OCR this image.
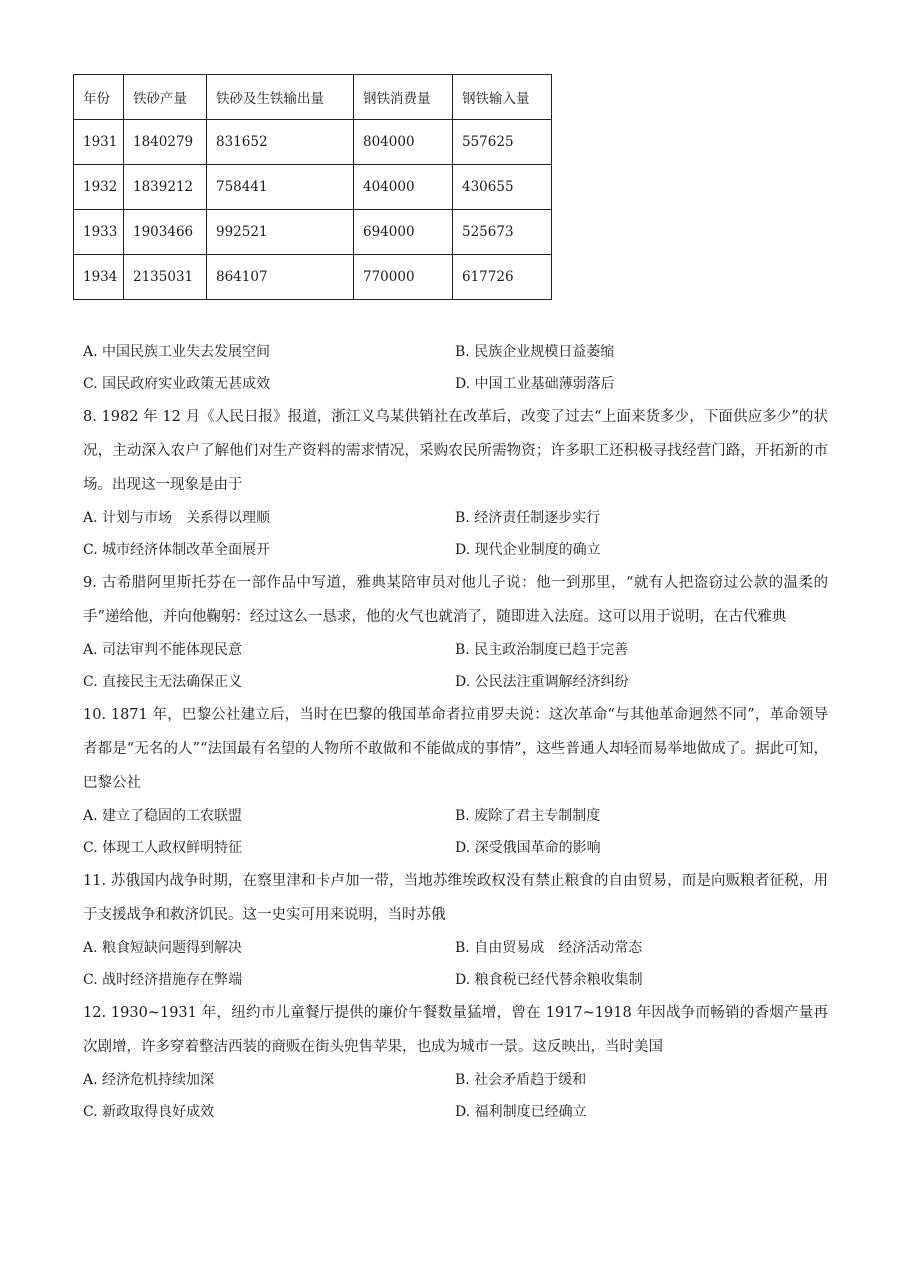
年份	铁砂产量	铁砂及生铁输出量	钢铁消费量	钢铁输入量
1931	1840279	831652	804000	557625
1932	1839212	758441	404000	430655
1933	1903466	992521	694000	525673
1934	2135031	864107	770000	617726
A. 中国民族工业失去发展空间	B. 民族企业规模日益萎缩
C. 国民政府实业政策无甚成效	D. 中国工业基础薄弱落后
8. 1982 年 12 月《人民日报》报道，浙江义乌某供销社在改革后，改变了过去“上面来货多少，下面供应多少”的状况，主动深入农户了解他们对生产资料的需求情况，采购农民所需物资；许多职工还积极寻找经营门路，开拓新的市场。出现这一现象是由于
A. 计划与市场　关系得以理顺	B. 经济责任制逐步实行
C. 城市经济体制改革全面展开	D. 现代企业制度的确立
9. 古希腊阿里斯托芬在一部作品中写道，雅典某陪审员对他儿子说：他一到那里，“就有人把盗窃过公款的温柔的手”递给他，并向他鞠躬：经过这么一恳求，他的火气也就消了，随即进入法庭。这可以用于说明，在古代雅典
A. 司法审判不能体现民意	B. 民主政治制度已趋于完善
C. 直接民主无法确保正义	D. 公民法注重调解经济纠纷
10. 1871 年，巴黎公社建立后，当时在巴黎的俄国革命者拉甫罗夫说：这次革命“与其他革命迥然不同”，革命领导者都是“无名的人”“法国最有名望的人物所不敢做和不能做成的事情”，这些普通人却轻而易举地做成了。据此可知，巴黎公社
A. 建立了稳固的工农联盟	B. 废除了君主专制制度
C. 体现工人政权鲜明特征	D. 深受俄国革命的影响
11. 苏俄国内战争时期，在察里津和卡卢加一带，当地苏维埃政权没有禁止粮食的自由贸易，而是向贩粮者征税，用于支援战争和救济饥民。这一史实可用来说明，当时苏俄
A. 粮食短缺问题得到解决	B. 自由贸易成　经济活动常态
C. 战时经济措施存在弊端	D. 粮食税已经代替余粮收集制
12. 1930~1931 年，纽约市儿童餐厅提供的廉价午餐数量猛增，曾在 1917~1918 年因战争而畅销的香烟产量再次剧增，许多穿着整洁西装的商贩在街头兜售苹果，也成为城市一景。这反映出，当时美国
A. 经济危机持续加深	B. 社会矛盾趋于缓和
C. 新政取得良好成效	D. 福利制度已经确立
